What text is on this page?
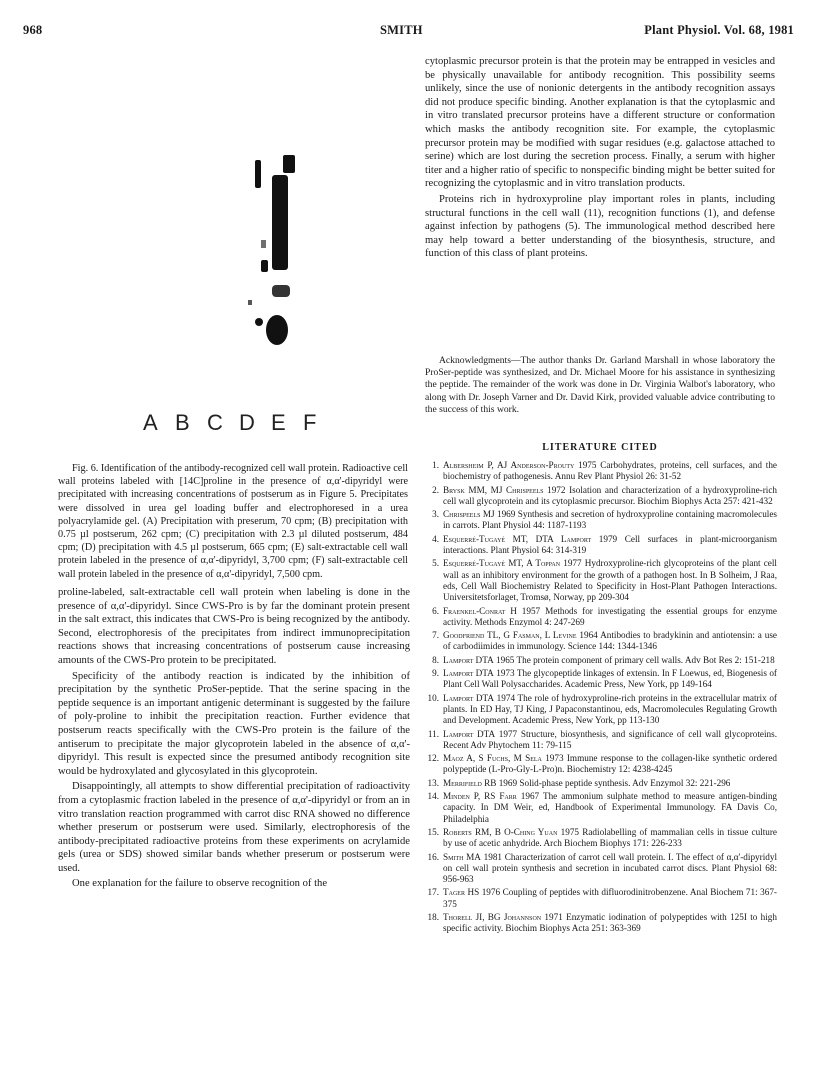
968	SMITH	Plant Physiol. Vol. 68, 1981
A B C D E F

Fig. 6. Identification of the antibody-recognized cell wall protein. Radioactive cell wall proteins labeled with [14C]proline in the presence of α,α'-dipyridyl were precipitated with increasing concentrations of postserum as in Figure 5. Precipitates were dissolved in urea gel loading buffer and electrophoresed in a urea polyacrylamide gel. (A) Precipitation with preserum, 70 cpm; (B) precipitation with 0.75 µl postserum, 262 cpm; (C) precipitation with 2.3 µl diluted postserum, 484 cpm; (D) precipitation with 4.5 µl postserum, 665 cpm; (E) salt-extractable cell wall protein labeled in the presence of α,α'-dipyridyl, 3,700 cpm; (F) salt-extractable cell wall protein labeled in the presence of α,α'-dipyridyl, 7,500 cpm.

proline-labeled, salt-extractable cell wall protein when labeling is done in the presence of α,α'-dipyridyl. Since CWS-Pro is by far the dominant protein present in the salt extract, this indicates that CWS-Pro is being recognized by the antibody. Second, electrophoresis of the precipitates from indirect immunoprecipitation reactions shows that increasing concentrations of postserum cause increasing amounts of the CWS-Pro protein to be precipitated.

Specificity of the antibody reaction is indicated by the inhibition of precipitation by the synthetic ProSer-peptide. That the serine spacing in the peptide sequence is an important antigenic determinant is suggested by the failure of poly-proline to inhibit the precipitation reaction. Further evidence that postserum reacts specifically with the CWS-Pro protein is the failure of the antiserum to precipitate the major glycoprotein labeled in the absence of α,α'-dipyridyl. This result is expected since the presumed antibody recognition site would be hydroxylated and glycosylated in this glycoprotein.

Disappointingly, all attempts to show differential precipitation of radioactivity from a cytoplasmic fraction labeled in the presence of α,α'-dipyridyl or from an in vitro translation reaction programmed with carrot disc RNA showed no difference whether preserum or postserum were used. Similarly, electrophoresis of the antibody-precipitated radioactive proteins from these experiments on acrylamide gels (urea or SDS) showed similar bands whether preserum or postserum were used.

One explanation for the failure to observe recognition of the

cytoplasmic precursor protein is that the protein may be entrapped in vesicles and be physically unavailable for antibody recognition. This possibility seems unlikely, since the use of nonionic detergents in the antibody recognition assays did not produce specific binding. Another explanation is that the cytoplasmic and in vitro translated precursor proteins have a different structure or conformation which masks the antibody recognition site. For example, the cytoplasmic precursor protein may be modified with sugar residues (e.g. galactose attached to serine) which are lost during the secretion process. Finally, a serum with higher titer and a higher ratio of specific to nonspecific binding might be better suited for recognizing the cytoplasmic and in vitro translation products.

Proteins rich in hydroxyproline play important roles in plants, including structural functions in the cell wall (11), recognition functions (1), and defense against infection by pathogens (5). The immunological method described here may help toward a better understanding of the biosynthesis, structure, and function of this class of plant proteins.

Acknowledgments—The author thanks Dr. Garland Marshall in whose laboratory the ProSer-peptide was synthesized, and Dr. Michael Moore for his assistance in synthesizing the peptide. The remainder of the work was done in Dr. Virginia Walbot's laboratory, who along with Dr. Joseph Varner and Dr. David Kirk, provided valuable advice contributing to the success of this work.

LITERATURE CITED
1. Albersheim P, AJ Anderson-Prouty 1975 Carbohydrates, proteins, cell surfaces, and the biochemistry of pathogenesis. Annu Rev Plant Physiol 26: 31-52
2. Brysk MM, MJ Chrispeels 1972 Isolation and characterization of a hydroxyproline-rich cell wall glycoprotein and its cytoplasmic precursor. Biochim Biophys Acta 257: 421-432
3. Chrispeels MJ 1969 Synthesis and secretion of hydroxyproline containing macromolecules in carrots. Plant Physiol 44: 1187-1193
4. Esquerré-Tugayé MT, DTA Lamport 1979 Cell surfaces in plant-microorganism interactions. Plant Physiol 64: 314-319
5. Esquerré-Tugayé MT, A Toppan 1977 Hydroxyproline-rich glycoproteins of the plant cell wall as an inhibitory environment for the growth of a pathogen host. In B Solheim, J Raa, eds, Cell Wall Biochemistry Related to Specificity in Host-Plant Pathogen Interactions. Universitetsforlaget, Tromsø, Norway, pp 209-304
6. Fraenkel-Conrat H 1957 Methods for investigating the essential groups for enzyme activity. Methods Enzymol 4: 247-269
7. Goodfriend TL, G Fasman, L Levine 1964 Antibodies to bradykinin and antiotensin: a use of carbodiimides in immunology. Science 144: 1344-1346
8. Lamport DTA 1965 The protein component of primary cell walls. Adv Bot Res 2: 151-218
9. Lamport DTA 1973 The glycopeptide linkages of extensin. In F Loewus, ed, Biogenesis of Plant Cell Wall Polysaccharides. Academic Press, New York, pp 149-164
10. Lamport DTA 1974 The role of hydroxyproline-rich proteins in the extracellular matrix of plants. In ED Hay, TJ King, J Papaconstantinou, eds, Macromolecules Regulating Growth and Development. Academic Press, New York, pp 113-130
11. Lamport DTA 1977 Structure, biosynthesis, and significance of cell wall glycoproteins. Recent Adv Phytochem 11: 79-115
12. Maoz A, S Fuchs, M Sela 1973 Immune response to the collagen-like synthetic ordered polypeptide (L-Pro-Gly-L-Pro)n. Biochemistry 12: 4238-4245
13. Merrifield RB 1969 Solid-phase peptide synthesis. Adv Enzymol 32: 221-296
14. Minden P, RS Farr 1967 The ammonium sulphate method to measure antigen-binding capacity. In DM Weir, ed, Handbook of Experimental Immunology. FA Davis Co, Philadelphia
15. Roberts RM, B O-Ching Yuan 1975 Radiolabelling of mammalian cells in tissue culture by use of acetic anhydride. Arch Biochem Biophys 171: 226-233
16. Smith MA 1981 Characterization of carrot cell wall protein. I. The effect of α,α'-dipyridyl on cell wall protein synthesis and secretion in incubated carrot discs. Plant Physiol 68: 956-963
17. Tager HS 1976 Coupling of peptides with difluorodinitrobenzene. Anal Biochem 71: 367-375
18. Thorell JI, BG Johannson 1971 Enzymatic iodination of polypeptides with 125I to high specific activity. Biochim Biophys Acta 251: 363-369
